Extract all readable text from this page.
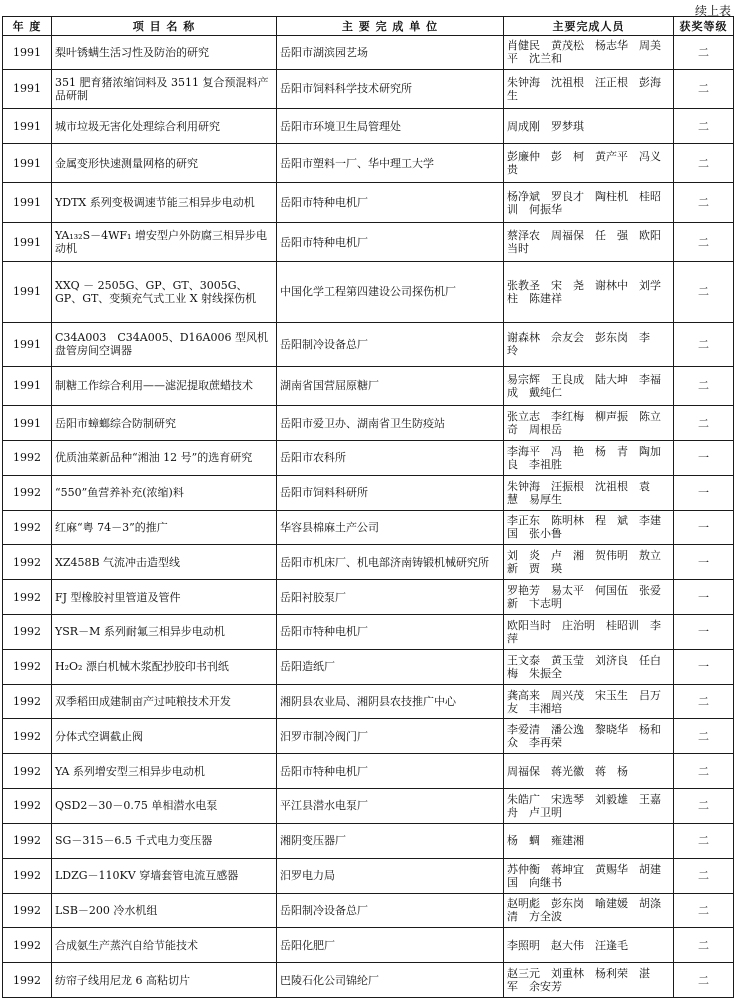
续上表
年 度	项 目 名 称	主 要 完 成 单 位	主要完成人员	获奖等级
1991	梨叶锈螨生活习性及防治的研究	岳阳市湖滨园艺场	肖健民　黄茂松　杨志华　周美平　沈兰和	二
1991	351 肥育猪浓缩饲料及 3511 复合预混料产品研制	岳阳市饲料科学技术研究所	朱钟海　沈祖根　汪正根　彭海生	二
1991	城市垃圾无害化处理综合利用研究	岳阳市环境卫生局管理处	周成刚　罗梦琪	二
1991	金属变形快速测量网格的研究	岳阳市塑料一厂、华中理工大学	彭廉仲　彭　柯　黄产平　冯义贵	二
1991	YDTX 系列变极调速节能三相异步电动机	岳阳市特种电机厂	杨净斌　罗良才　陶柱机　桂昭训　何振华	二
1991	YA₁₃₂S－4WF₁ 增安型户外防腐三相异步电动机	岳阳市特种电机厂	蔡泽农　周福保　任　强　欧阳当时	二
1991	XXQ － 2505G、GP、GT、3005G、GP、GT、变频充气式工业 X 射线探伤机	中国化学工程第四建设公司探伤机厂	张教圣　宋　尧　谢林中　刘学柱　陈建祥	二
1991	C34A003　C34A005、D16A006 型风机盘管房间空调器	岳阳制冷设备总厂	谢森林　佘友会　彭东岗　李　玲	二
1991	制糖工作综合利用——滤泥提取蔗蜡技术	湖南省国营屈原糖厂	易宗辉　王良成　陆大坤　李福成　戴纯仁	二
1991	岳阳市蟑螂综合防制研究	岳阳市爱卫办、湖南省卫生防疫站	张立志　李红梅　柳声振　陈立奇　周根岳	二
1992	优质油菜新品种“湘油 12 号”的选育研究	岳阳市农科所	李海平　冯　艳　杨　青　陶加良　李祖胜	一
1992	“550”鱼营养补充(浓缩)料	岳阳市饲料科研所	朱钟海　汪振根　沈祖根　袁　慧　易厚生	一
1992	红麻“粤 74－3”的推广	华容县棉麻土产公司	李正东　陈明林　程　斌　李建国　张小鲁	一
1992	XZ458B 气流冲击造型线	岳阳市机床厂、机电部济南铸锻机械研究所	刘　炎　卢　湘　贺伟明　敖立新　贾　瑛	一
1992	FJ 型橡胶衬里管道及管件	岳阳衬胶泵厂	罗艳芳　易太平　何国伍　张爱新　卞志明	一
1992	YSR－M 系列耐氟三相异步电动机	岳阳市特种电机厂	欧阳当时　庄治明　桂昭训　李　萍	一
1992	H₂O₂ 漂白机械木浆配抄胶印书刊纸	岳阳造纸厂	王文泰　黄玉莹　刘济良　任白梅　朱振全	一
1992	双季稻田成建制亩产过吨粮技术开发	湘阴县农业局、湘阴县农技推广中心	龚高来　周兴茂　宋玉生　吕万友　丰湘培	二
1992	分体式空调截止阀	汨罗市制冷阀门厂	李爱清　潘公逸　黎晓华　杨和众　李再荣	二
1992	YA 系列增安型三相异步电动机	岳阳市特种电机厂	周福保　蒋光徽　蒋　杨	二
1992	QSD2－30－0.75 单相潜水电泵	平江县潜水电泵厂	朱皓广　宋选琴　刘毅雄　王嘉舟　卢卫明	二
1992	SG－315－6.5 千式电力变压器	湘阴变压器厂	杨　蜩　雍建湘	二
1992	LDZG－110KV 穿墙套管电流互感器	汨罗电力局	苏仲衡　蒋坤宜　黄赐华　胡建国　向继书	二
1992	LSB－200 冷水机组	岳阳制冷设备总厂	赵明彪　彭东岗　喻建媛　胡涤清　方全波	二
1992	合成氨生产蒸汽自给节能技术	岳阳化肥厂	李照明　赵大伟　汪逢毛	二
1992	纺帘子线用尼龙 6 高粘切片	巴陵石化公司锦纶厂	赵三元　刘重林　杨利荣　湛　军　余安芳	二
